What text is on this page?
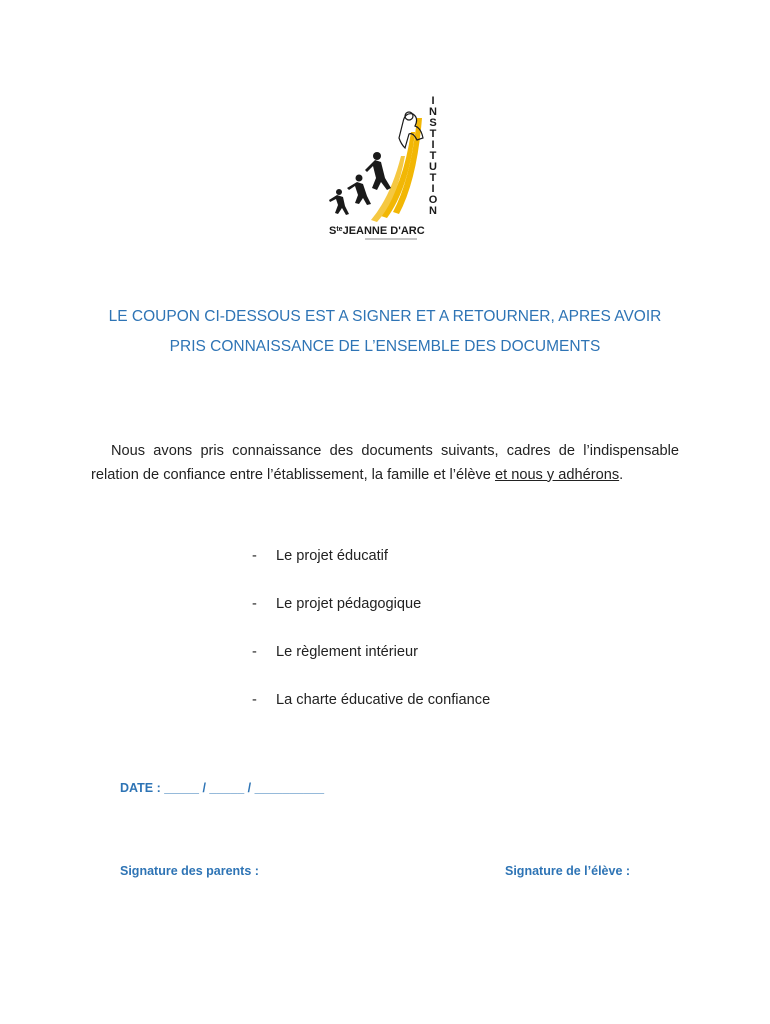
I
N
S
T
I
T
U
T
I
O
N
$S^{te}JEANNE$ D'ARC
LE COUPON CI-DESSOUS EST A SIGNER ET A RETOURNER, APRES AVOIR
PRIS CONNAISSANCE DE L’ENSEMBLE DES DOCUMENTS
Nous avons pris connaissance des documents suivants, cadres de l’indispensable relation de confiance entre l’établissement, la famille et l’élève et nous y adhérons.
- Le projet éducatif
- Le projet pédagogique
- Le règlement intérieur
- La charte éducative de confiance
DATE : _____ / _____ / __________
Signature des parents :	Signature de l’élève :
